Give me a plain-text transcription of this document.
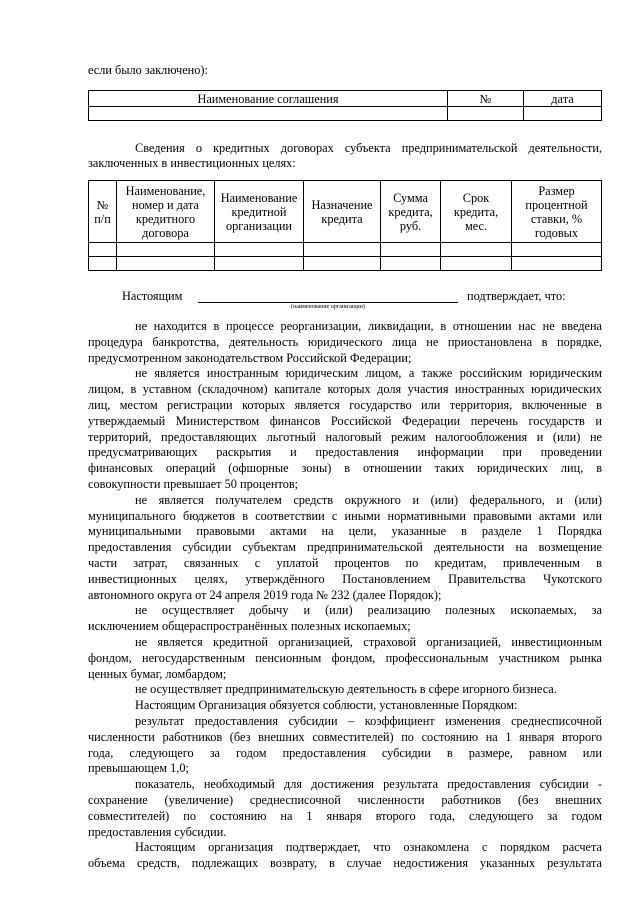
если было заключено):
Наименование соглашения	№	дата

Сведения о кредитных договорах субъекта предпринимательской деятельности,
заключенных в инвестиционных целях:
№
п/п	Наименование,
номер и дата
кредитного
договора	Наименование
кредитной
организации	Назначение
кредита	Сумма
кредита,
руб.	Срок
кредита,
мес.	Размер
процентной
ставки, %
годовых

Настоящим
(наименование организации)
подтверждает, что:
не находится в процессе реорганизации, ликвидации, в отношении нас не введена
процедура банкротства, деятельность юридического лица не приостановлена в порядке,
предусмотренном законодательством Российской Федерации;
не является иностранным юридическим лицом, а также российским юридическим
лицом, в уставном (складочном) капитале которых доля участия иностранных юридических
лиц, местом регистрации которых является государство или территория, включенные в
утверждаемый Министерством финансов Российской Федерации перечень государств и
территорий, предоставляющих льготный налоговый режим налогообложения и (или) не
предусматривающих раскрытия и предоставления информации при проведении
финансовых операций (офшорные зоны) в отношении таких юридических лиц, в
совокупности превышает 50 процентов;
не является получателем средств окружного и (или) федерального, и (или)
муниципального бюджетов в соответствии с иными нормативными правовыми актами или
муниципальными правовыми актами на цели, указанные в разделе 1 Порядка
предоставления субсидии субъектам предпринимательской деятельности на возмещение
части затрат, связанных с уплатой процентов по кредитам, привлеченным в
инвестиционных целях, утверждённого Постановлением Правительства Чукотского
автономного округа от 24 апреля 2019 года № 232 (далее Порядок);
не осуществляет добычу и (или) реализацию полезных ископаемых, за
исключением общераспространённых полезных ископаемых;
не является кредитной организацией, страховой организацией, инвестиционным
фондом, негосударственным пенсионным фондом, профессиональным участником рынка
ценных бумаг, ломбардом;
не осуществляет предпринимательскую деятельность в сфере игорного бизнеса.
Настоящим Организация обязуется соблюсти, установленные Порядком:
результат предоставления субсидии – коэффициент изменения среднесписочной
численности работников (без внешних совместителей) по состоянию на 1 января второго
года, следующего за годом предоставления субсидии в размере, равном или
превышающем 1,0;
показатель, необходимый для достижения результата предоставления субсидии -
сохранение (увеличение) среднесписочной численности работников (без внешних
совместителей) по состоянию на 1 января второго года, следующего за годом
предоставления субсидии.
Настоящим организация подтверждает, что ознакомлена с порядком расчета
объема средств, подлежащих возврату, в случае недостижения указанных результата
